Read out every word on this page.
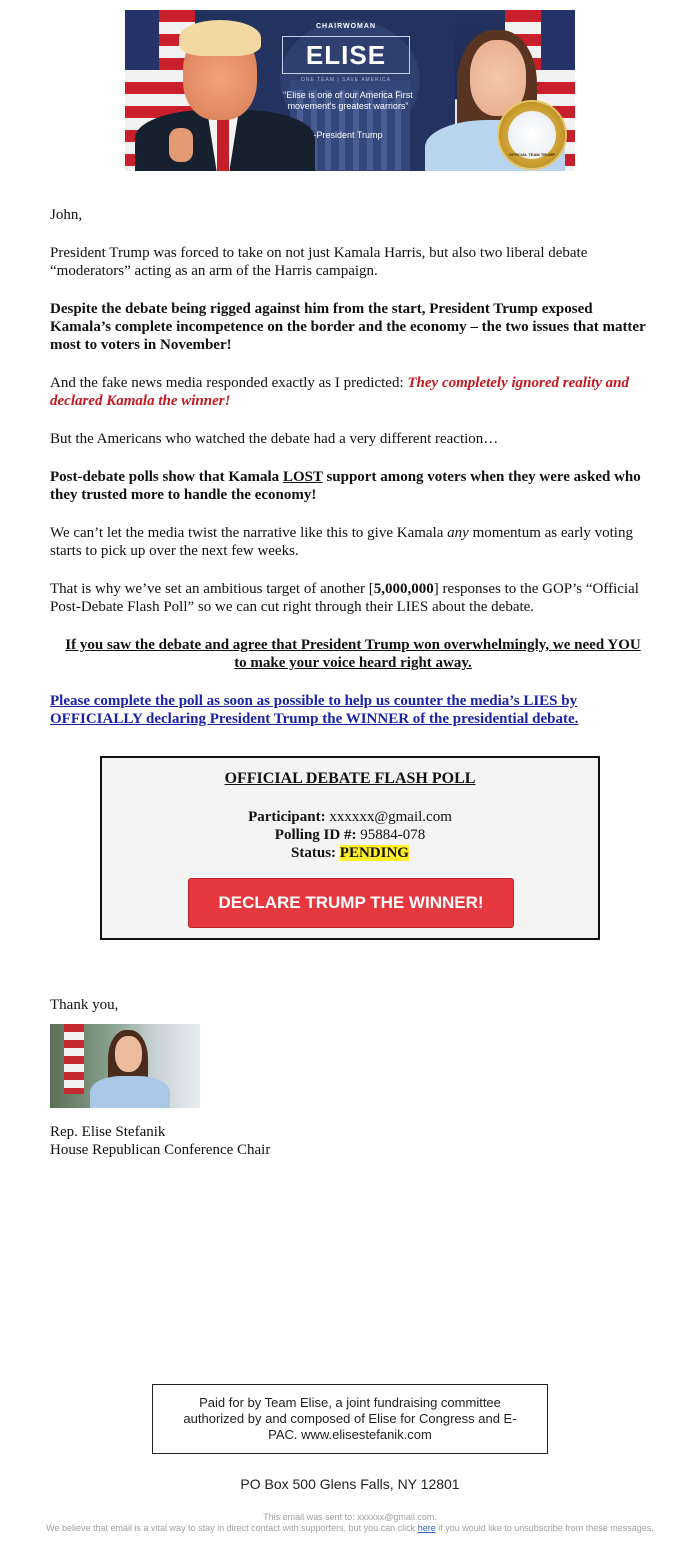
CHAIRWOMAN
ELISE
ONE TEAM | SAVE AMERICA
“Elise is one of our America First movement’s greatest warriors”
-President Trump
OFFICIAL TEAM TRUMP

John,

President Trump was forced to take on not just Kamala Harris, but also two liberal debate “moderators” acting as an arm of the Harris campaign.

Despite the debate being rigged against him from the start, President Trump exposed Kamala’s complete incompetence on the border and the economy – the two issues that matter most to voters in November!

And the fake news media responded exactly as I predicted: They completely ignored reality and declared Kamala the winner!

But the Americans who watched the debate had a very different reaction…

Post-debate polls show that Kamala LOST support among voters when they were asked who they trusted more to handle the economy!

We can’t let the media twist the narrative like this to give Kamala any momentum as early voting starts to pick up over the next few weeks.

That is why we’ve set an ambitious target of another [5,000,000] responses to the GOP’s “Official Post-Debate Flash Poll” so we can cut right through their LIES about the debate.

If you saw the debate and agree that President Trump won overwhelmingly, we need YOU to make your voice heard right away.

Please complete the poll as soon as possible to help us counter the media’s LIES by OFFICIALLY declaring President Trump the WINNER of the presidential debate.

OFFICIAL DEBATE FLASH POLL
Participant: xxxxxx@gmail.com
Polling ID #: 95884-078
Status: PENDING
DECLARE TRUMP THE WINNER!

Thank you,

Rep. Elise Stefanik

House Republican Conference Chair

Paid for by Team Elise, a joint fundraising committee authorized by and composed of Elise for Congress and E-PAC. www.elisestefanik.com
PO Box 500 Glens Falls, NY 12801
This email was sent to: xxxxxx@gmail.com.
We believe that email is a vital way to stay in direct contact with supporters, but you can click here if you would like to unsubscribe from these messages.
